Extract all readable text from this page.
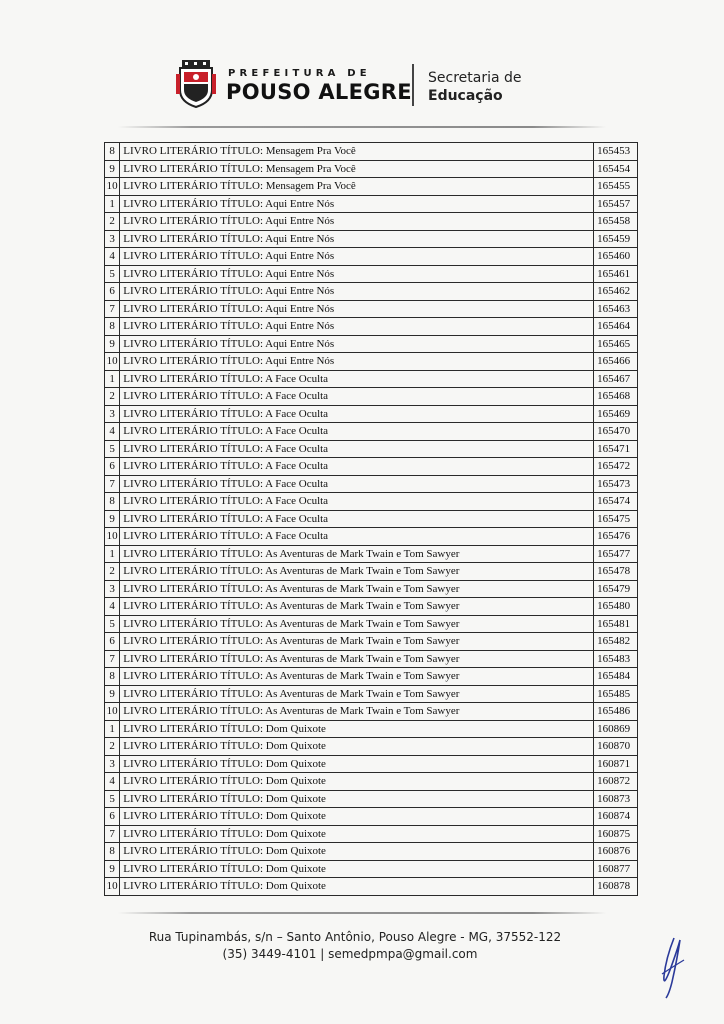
PREFEITURA DE
POUSO ALEGRE
Secretaria de
Educação
8	LIVRO LITERÁRIO TÍTULO: Mensagem Pra Você	165453
9	LIVRO LITERÁRIO TÍTULO: Mensagem Pra Você	165454
10	LIVRO LITERÁRIO TÍTULO: Mensagem Pra Você	165455
1	LIVRO LITERÁRIO TÍTULO: Aqui Entre Nós	165457
2	LIVRO LITERÁRIO TÍTULO: Aqui Entre Nós	165458
3	LIVRO LITERÁRIO TÍTULO: Aqui Entre Nós	165459
4	LIVRO LITERÁRIO TÍTULO: Aqui Entre Nós	165460
5	LIVRO LITERÁRIO TÍTULO: Aqui Entre Nós	165461
6	LIVRO LITERÁRIO TÍTULO: Aqui Entre Nós	165462
7	LIVRO LITERÁRIO TÍTULO: Aqui Entre Nós	165463
8	LIVRO LITERÁRIO TÍTULO: Aqui Entre Nós	165464
9	LIVRO LITERÁRIO TÍTULO: Aqui Entre Nós	165465
10	LIVRO LITERÁRIO TÍTULO: Aqui Entre Nós	165466
1	LIVRO LITERÁRIO TÍTULO: A Face Oculta	165467
2	LIVRO LITERÁRIO TÍTULO: A Face Oculta	165468
3	LIVRO LITERÁRIO TÍTULO: A Face Oculta	165469
4	LIVRO LITERÁRIO TÍTULO: A Face Oculta	165470
5	LIVRO LITERÁRIO TÍTULO: A Face Oculta	165471
6	LIVRO LITERÁRIO TÍTULO: A Face Oculta	165472
7	LIVRO LITERÁRIO TÍTULO: A Face Oculta	165473
8	LIVRO LITERÁRIO TÍTULO: A Face Oculta	165474
9	LIVRO LITERÁRIO TÍTULO: A Face Oculta	165475
10	LIVRO LITERÁRIO TÍTULO: A Face Oculta	165476
1	LIVRO LITERÁRIO TÍTULO: As Aventuras de Mark Twain e Tom Sawyer	165477
2	LIVRO LITERÁRIO TÍTULO: As Aventuras de Mark Twain e Tom Sawyer	165478
3	LIVRO LITERÁRIO TÍTULO: As Aventuras de Mark Twain e Tom Sawyer	165479
4	LIVRO LITERÁRIO TÍTULO: As Aventuras de Mark Twain e Tom Sawyer	165480
5	LIVRO LITERÁRIO TÍTULO: As Aventuras de Mark Twain e Tom Sawyer	165481
6	LIVRO LITERÁRIO TÍTULO: As Aventuras de Mark Twain e Tom Sawyer	165482
7	LIVRO LITERÁRIO TÍTULO: As Aventuras de Mark Twain e Tom Sawyer	165483
8	LIVRO LITERÁRIO TÍTULO: As Aventuras de Mark Twain e Tom Sawyer	165484
9	LIVRO LITERÁRIO TÍTULO: As Aventuras de Mark Twain e Tom Sawyer	165485
10	LIVRO LITERÁRIO TÍTULO: As Aventuras de Mark Twain e Tom Sawyer	165486
1	LIVRO LITERÁRIO TÍTULO: Dom Quixote	160869
2	LIVRO LITERÁRIO TÍTULO: Dom Quixote	160870
3	LIVRO LITERÁRIO TÍTULO: Dom Quixote	160871
4	LIVRO LITERÁRIO TÍTULO: Dom Quixote	160872
5	LIVRO LITERÁRIO TÍTULO: Dom Quixote	160873
6	LIVRO LITERÁRIO TÍTULO: Dom Quixote	160874
7	LIVRO LITERÁRIO TÍTULO: Dom Quixote	160875
8	LIVRO LITERÁRIO TÍTULO: Dom Quixote	160876
9	LIVRO LITERÁRIO TÍTULO: Dom Quixote	160877
10	LIVRO LITERÁRIO TÍTULO: Dom Quixote	160878
Rua Tupinambás, s/n – Santo Antônio, Pouso Alegre - MG, 37552-122
(35) 3449-4101 | semedpmpa@gmail.com
